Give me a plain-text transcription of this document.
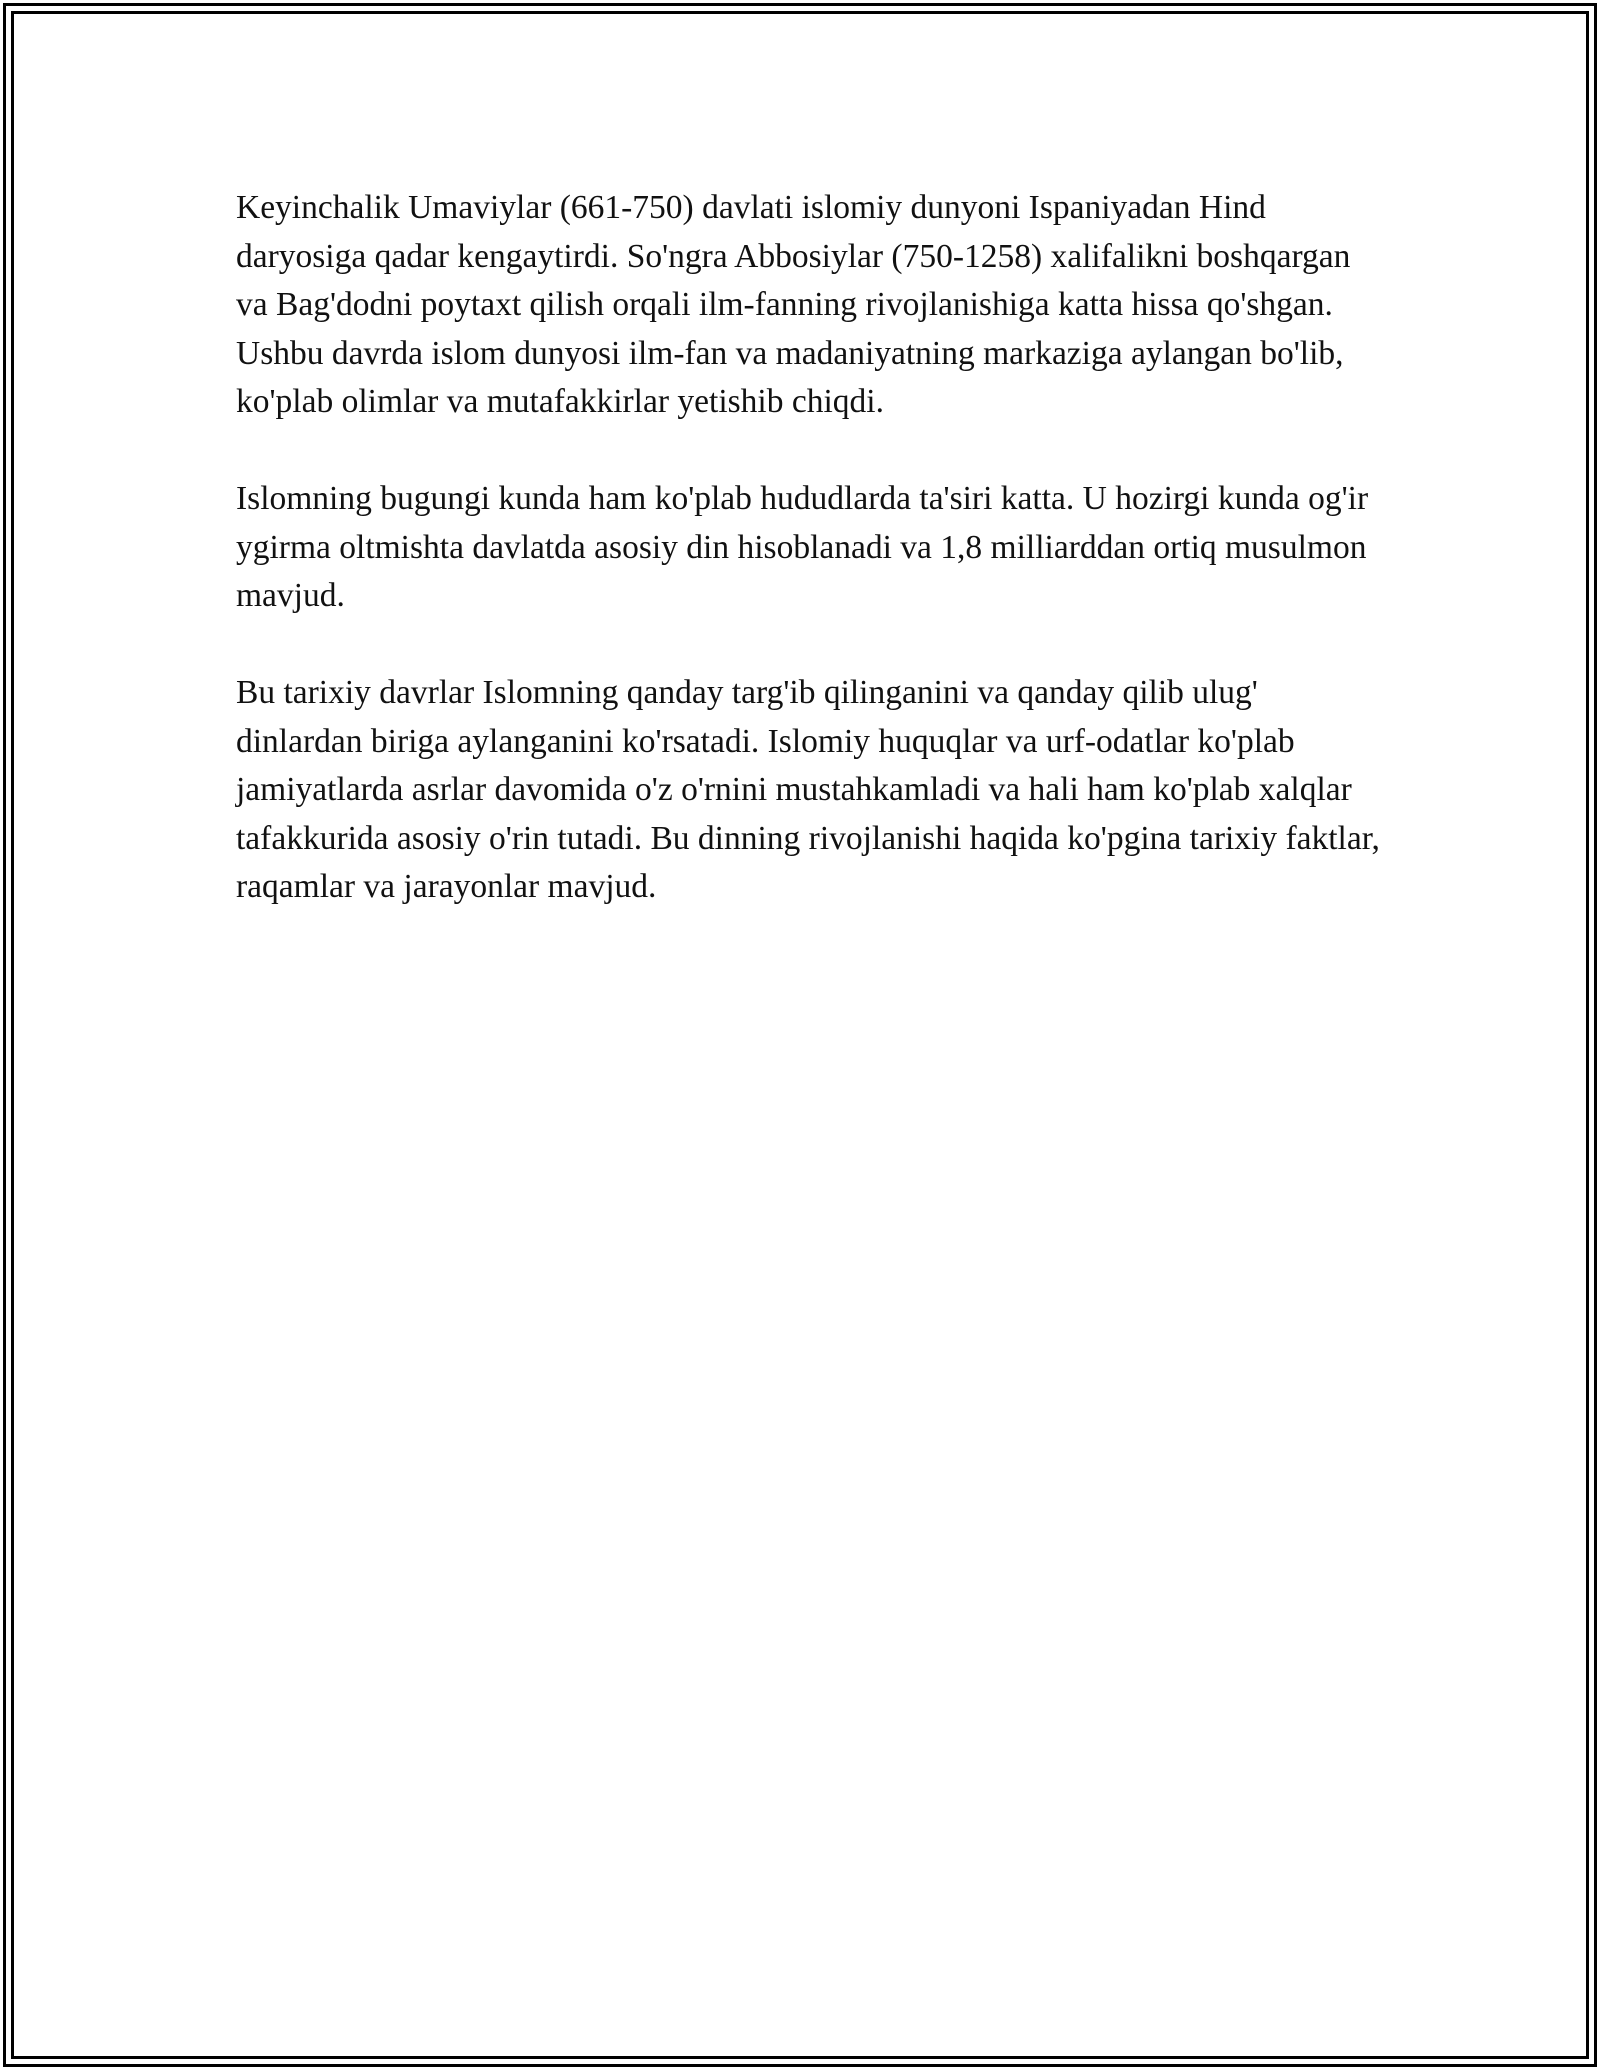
Keyinchalik Umaviylar (661-750) davlati islomiy dunyoni Ispaniyadan Hind daryosiga qadar kengaytirdi. So'ngra Abbosiylar (750-1258) xalifalikni boshqargan va Bag'dodni poytaxt qilish orqali ilm-fanning rivojlanishiga katta hissa qo'shgan. Ushbu davrda islom dunyosi ilm-fan va madaniyatning markaziga aylangan bo'lib, ko'plab olimlar va mutafakkirlar yetishib chiqdi.

Islomning bugungi kunda ham ko'plab hududlarda ta'siri katta. U hozirgi kunda og'ir ygirma oltmishta davlatda asosiy din hisoblanadi va 1,8 milliarddan ortiq musulmon mavjud.

Bu tarixiy davrlar Islomning qanday targ'ib qilinganini va qanday qilib ulug' dinlardan biriga aylanganini ko'rsatadi. Islomiy huquqlar va urf-odatlar ko'plab jamiyatlarda asrlar davomida o'z o'rnini mustahkamladi va hali ham ko'plab xalqlar tafakkurida asosiy o'rin tutadi. Bu dinning rivojlanishi haqida ko'pgina tarixiy faktlar, raqamlar va jarayonlar mavjud.
